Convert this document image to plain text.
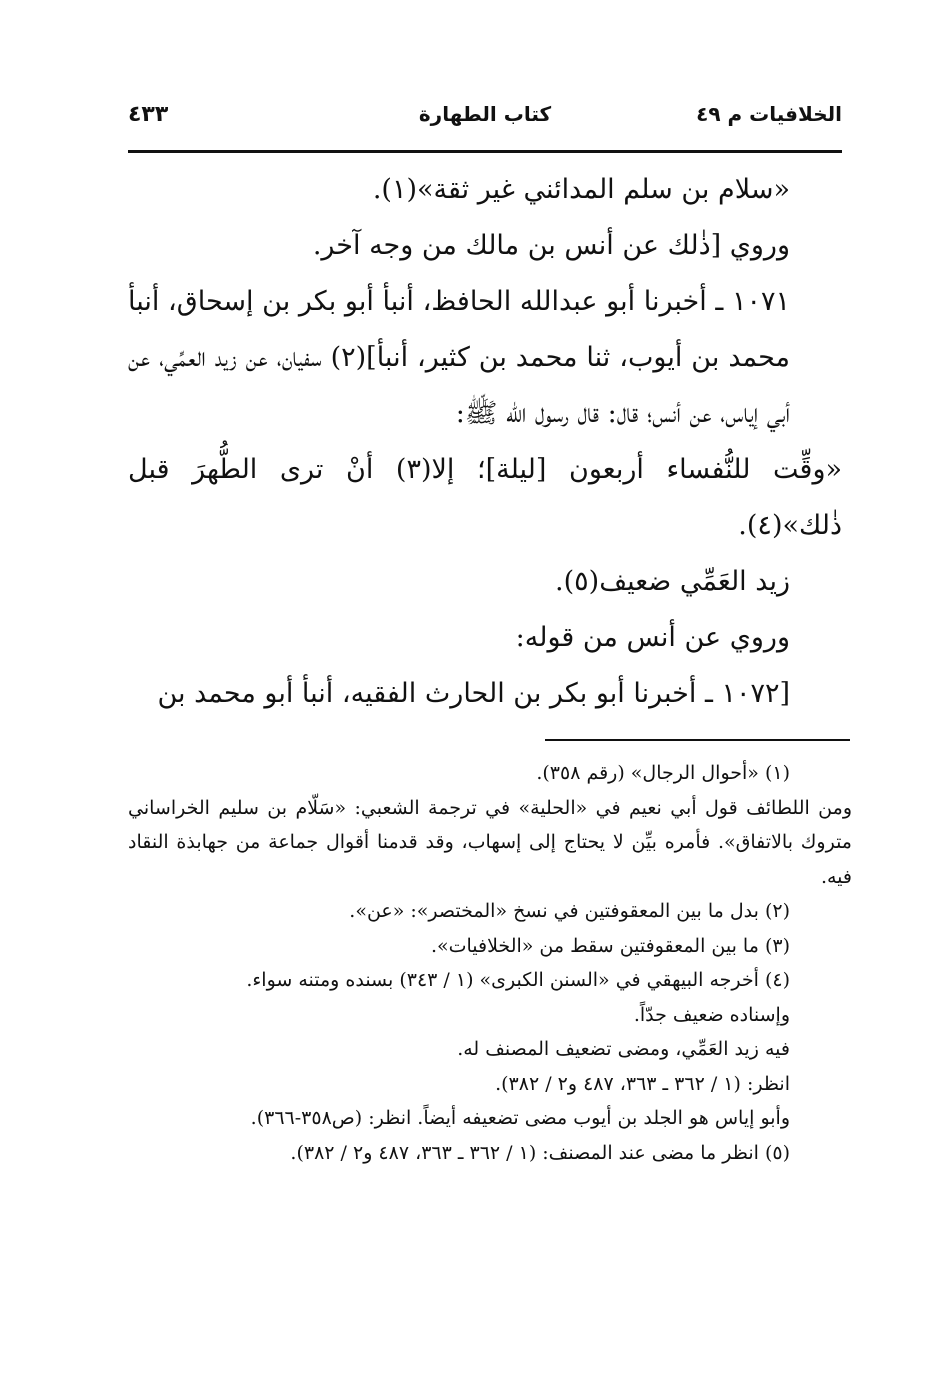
الخلافيات م ٤٩
كتاب الطهارة
٤٣٣

«سلام بن سلم المدائني غير ثقة»(١).

وروي [ذٰلك عن أنس بن مالك من وجه آخر.

١٠٧١ ـ أخبرنا أبو عبدالله الحافظ، أنبأ أبو بكر بن إسحاق، أنبأ محمد بن أيوب، ثنا محمد بن كثير، أنبأ](٢) سفيان، عن زيد العمِّي، عن أبي إياس، عن أنس؛ قال: قال رسول الله ﷺ:

«وقِّت للنُّفساء أربعون [ليلة]؛ إلا(٣) أنْ ترى الطُّهرَ قبل ذٰلك»(٤).

زيد العَمِّي ضعيف(٥).

وروي عن أنس من قوله:

[١٠٧٢ ـ أخبرنا أبو بكر بن الحارث الفقيه، أنبأ أبو محمد بن

(١) «أحوال الرجال» (رقم ٣٥٨).

ومن اللطائف قول أبي نعيم في «الحلية» في ترجمة الشعبي: «سَلّام بن سليم الخراساني متروك بالاتفاق». فأمره بيِّن لا يحتاج إلى إسهاب، وقد قدمنا أقوال جماعة من جهابذة النقاد فيه.

(٢) بدل ما بين المعقوفتين في نسخ «المختصر»: «عن».

(٣) ما بين المعقوفتين سقط من «الخلافيات».

(٤) أخرجه البيهقي في «السنن الكبرى» (١ / ٣٤٣) بسنده ومتنه سواء.

وإسناده ضعيف جدّاً.

فيه زيد العَمِّي، ومضى تضعيف المصنف له.

انظر: (١ / ٣٦٢ ـ ٣٦٣، ٤٨٧ و٢ / ٣٨٢).

وأبو إياس هو الجلد بن أيوب مضى تضعيفه أيضاً. انظر: (ص٣٥٨-٣٦٦).

(٥) انظر ما مضى عند المصنف: (١ / ٣٦٢ ـ ٣٦٣، ٤٨٧ و٢ / ٣٨٢).
